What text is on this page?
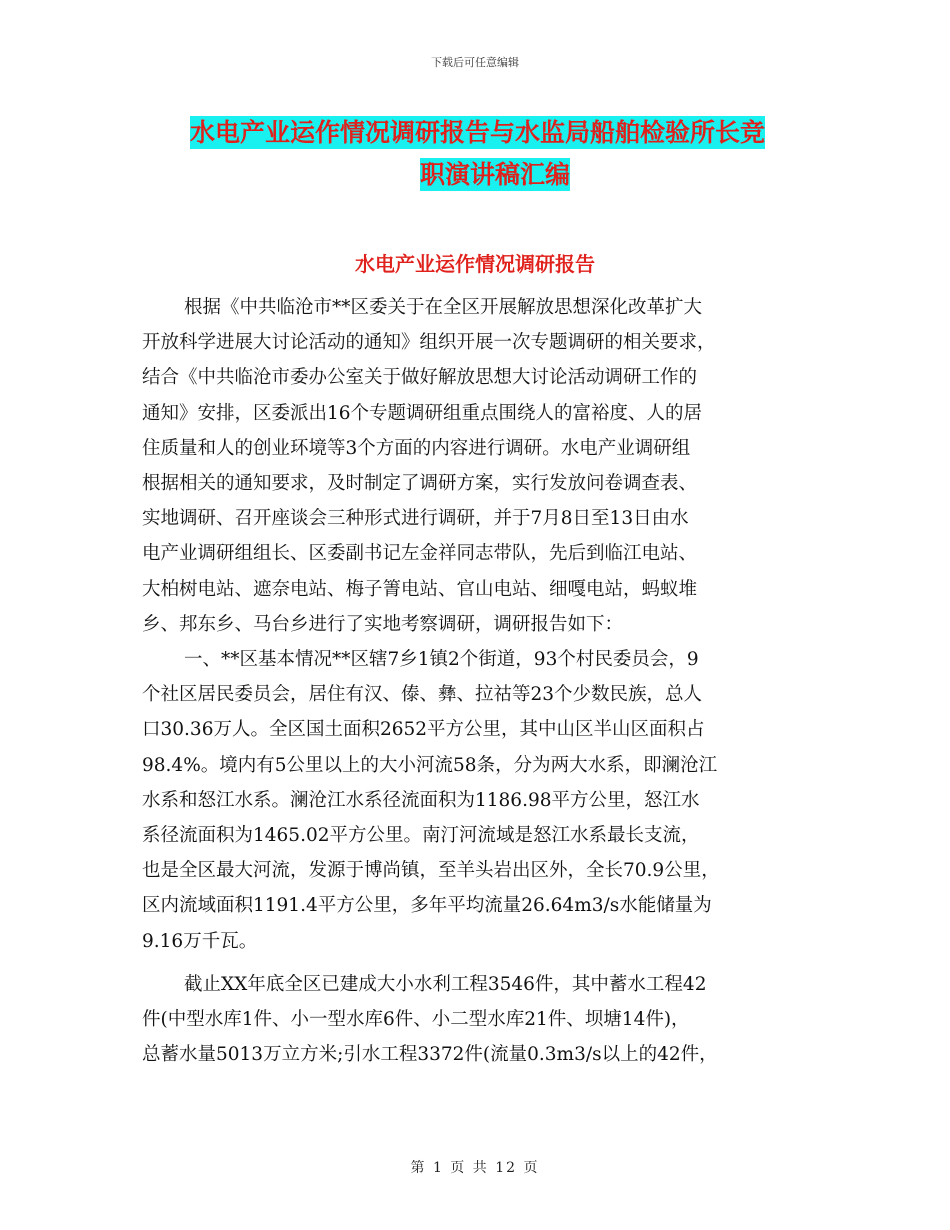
下载后可任意编辑
水电产业运作情况调研报告与水监局船舶检验所长竞
职演讲稿汇编
水电产业运作情况调研报告
根据《中共临沧市**区委关于在全区开展解放思想深化改革扩大
开放科学进展大讨论活动的通知》组织开展一次专题调研的相关要求，
结合《中共临沧市委办公室关于做好解放思想大讨论活动调研工作的
通知》安排，区委派出16个专题调研组重点围绕人的富裕度、人的居
住质量和人的创业环境等3个方面的内容进行调研。水电产业调研组
根据相关的通知要求，及时制定了调研方案，实行发放问卷调查表、
实地调研、召开座谈会三种形式进行调研，并于7月8日至13日由水
电产业调研组组长、区委副书记左金祥同志带队，先后到临江电站、
大柏树电站、遮奈电站、梅子箐电站、官山电站、细嘎电站，蚂蚁堆
乡、邦东乡、马台乡进行了实地考察调研，调研报告如下：
一、**区基本情况**区辖7乡1镇2个街道，93个村民委员会，9
个社区居民委员会，居住有汉、傣、彝、拉祜等23个少数民族，总人
口30.36万人。全区国土面积2652平方公里，其中山区半山区面积占
98.4%。境内有5公里以上的大小河流58条，分为两大水系，即澜沧江
水系和怒江水系。澜沧江水系径流面积为1186.98平方公里，怒江水
系径流面积为1465.02平方公里。南汀河流域是怒江水系最长支流，
也是全区最大河流，发源于博尚镇，至羊头岩出区外，全长70.9公里，
区内流域面积1191.4平方公里，多年平均流量26.64m3/s水能储量为
9.16万千瓦。
截止XX年底全区已建成大小水利工程3546件，其中蓄水工程42
件(中型水库1件、小一型水库6件、小二型水库21件、坝塘14件)，
总蓄水量5013万立方米;引水工程3372件(流量0.3m3/s以上的42件，
第 1 页 共 12 页
